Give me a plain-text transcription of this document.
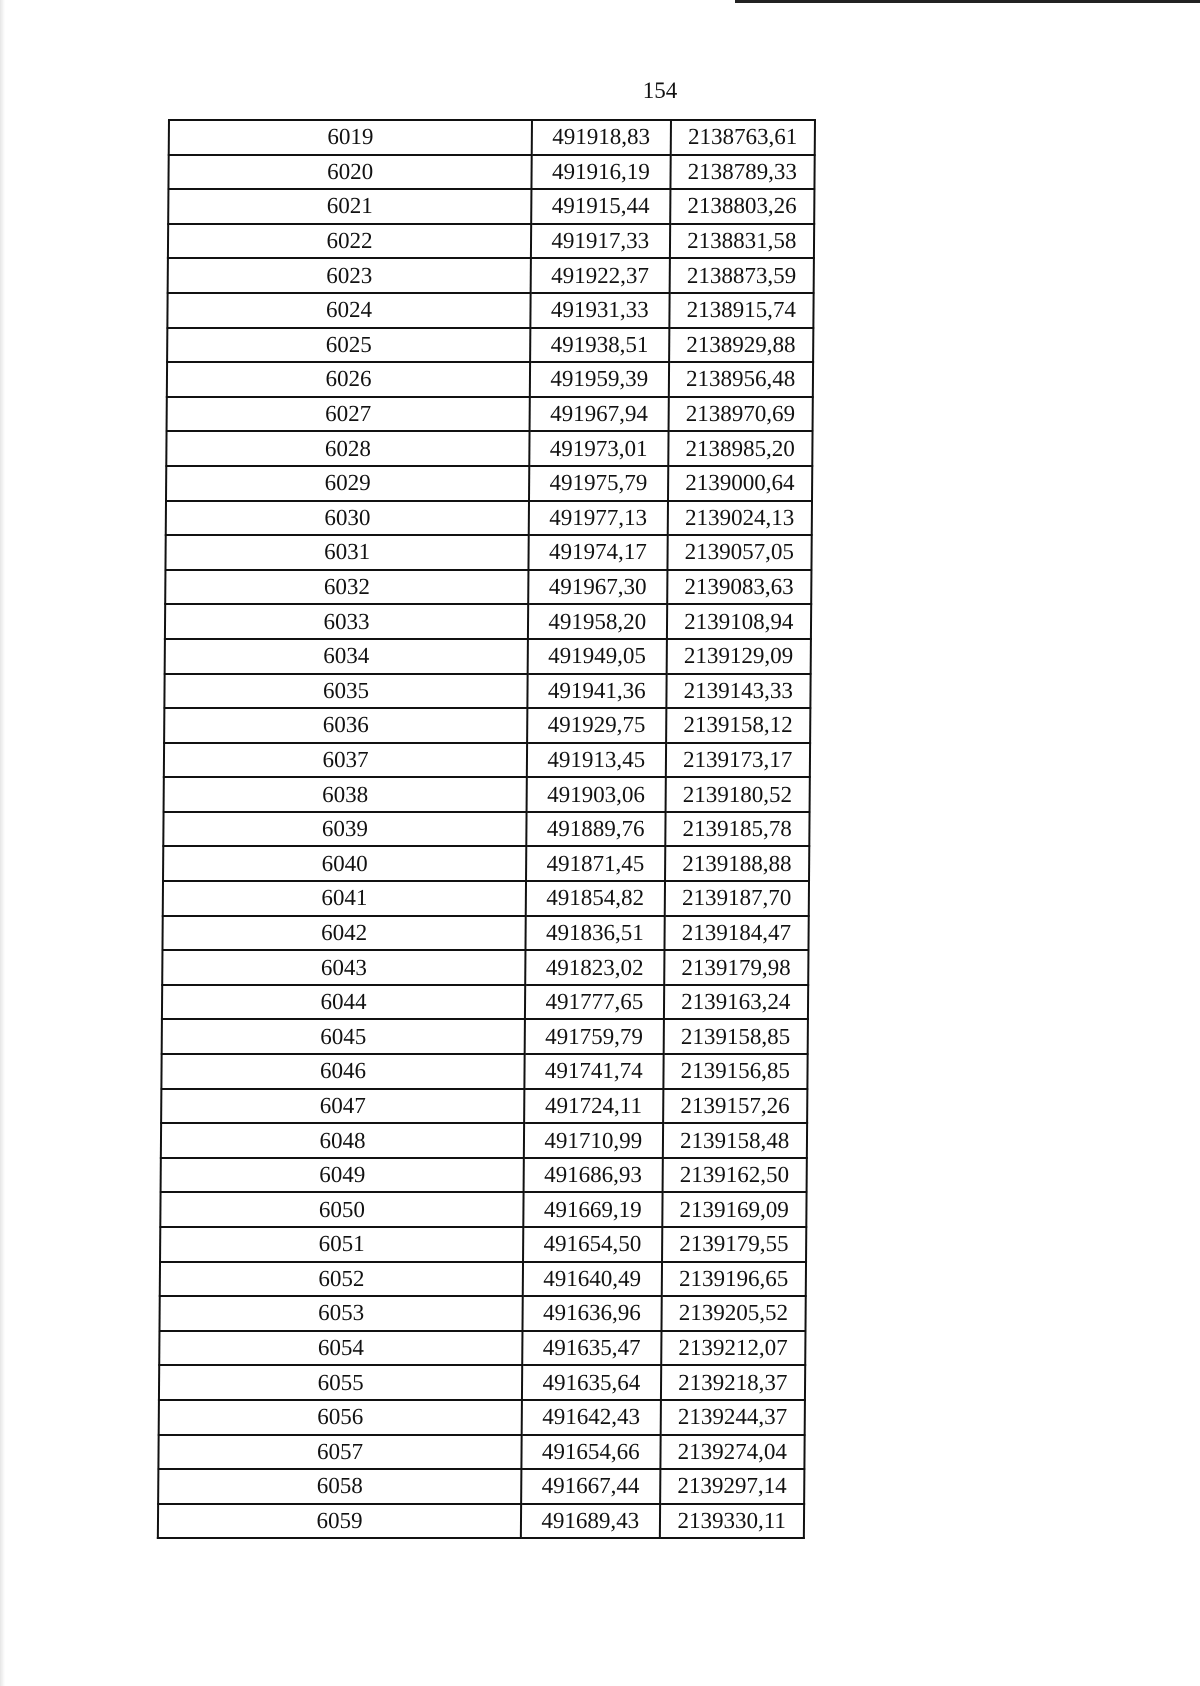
154
6019	491918,83	2138763,61
6020	491916,19	2138789,33
6021	491915,44	2138803,26
6022	491917,33	2138831,58
6023	491922,37	2138873,59
6024	491931,33	2138915,74
6025	491938,51	2138929,88
6026	491959,39	2138956,48
6027	491967,94	2138970,69
6028	491973,01	2138985,20
6029	491975,79	2139000,64
6030	491977,13	2139024,13
6031	491974,17	2139057,05
6032	491967,30	2139083,63
6033	491958,20	2139108,94
6034	491949,05	2139129,09
6035	491941,36	2139143,33
6036	491929,75	2139158,12
6037	491913,45	2139173,17
6038	491903,06	2139180,52
6039	491889,76	2139185,78
6040	491871,45	2139188,88
6041	491854,82	2139187,70
6042	491836,51	2139184,47
6043	491823,02	2139179,98
6044	491777,65	2139163,24
6045	491759,79	2139158,85
6046	491741,74	2139156,85
6047	491724,11	2139157,26
6048	491710,99	2139158,48
6049	491686,93	2139162,50
6050	491669,19	2139169,09
6051	491654,50	2139179,55
6052	491640,49	2139196,65
6053	491636,96	2139205,52
6054	491635,47	2139212,07
6055	491635,64	2139218,37
6056	491642,43	2139244,37
6057	491654,66	2139274,04
6058	491667,44	2139297,14
6059	491689,43	2139330,11
